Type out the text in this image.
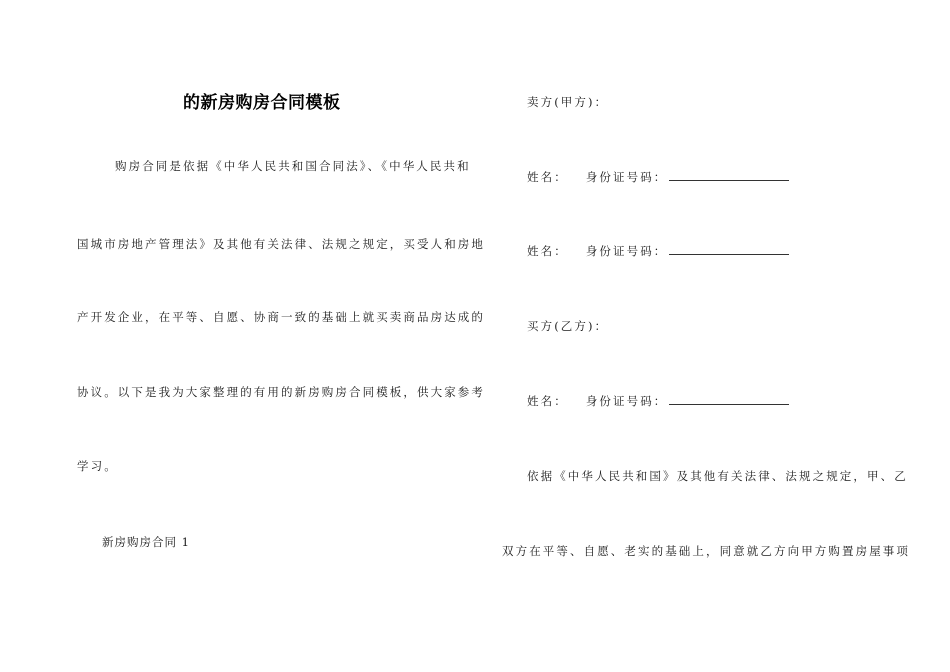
的新房购房合同模板
购房合同是依据《中华人民共和国合同法》、《中华人民共和
国城市房地产管理法》及其他有关法律、法规之规定，买受人和房地
产开发企业，在平等、自愿、协商一致的基础上就买卖商品房达成的
协议。以下是我为大家整理的有用的新房购房合同模板，供大家参考
学习。
新房购房合同 1
卖方(甲方)：
姓名： 身份证号码：
姓名： 身份证号码：
买方(乙方)：
姓名： 身份证号码：
依据《中华人民共和国》及其他有关法律、法规之规定，甲、乙
双方在平等、自愿、老实的基础上，同意就乙方向甲方购置房屋事项
